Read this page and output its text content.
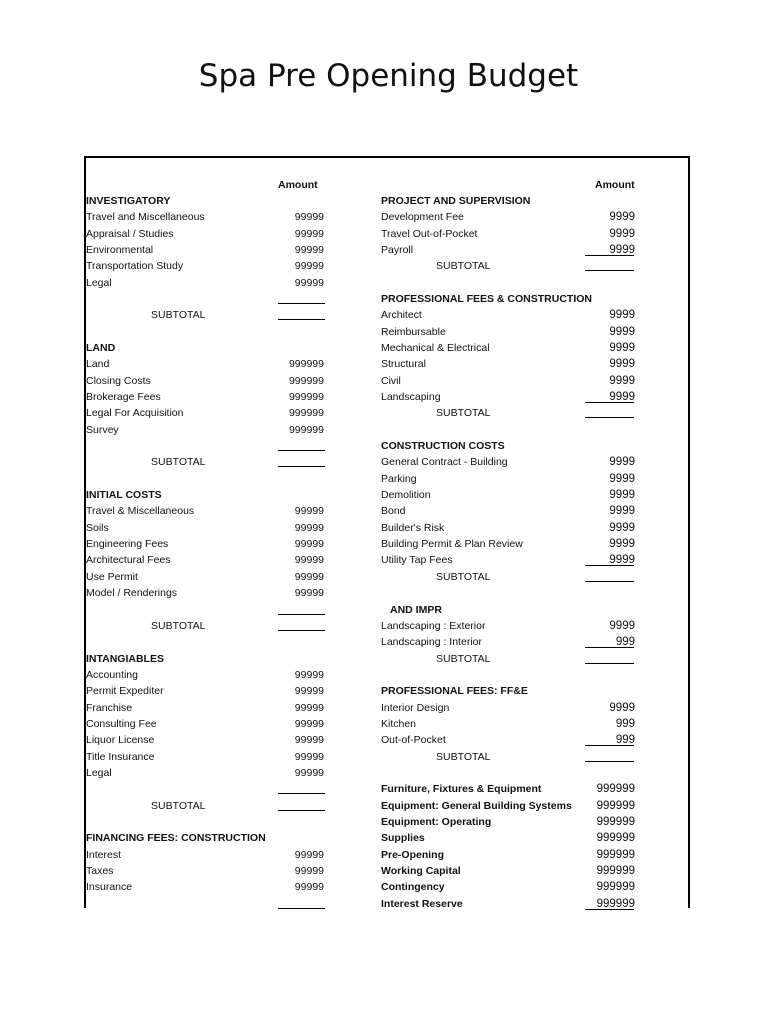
Spa Pre Opening Budget
Amount
INVESTIGATORY
Travel and Miscellaneous	99999
Appraisal / Studies	99999
Environmental	99999
Transportation Study	99999
Legal	99999
SUBTOTAL
LAND
Land	999999
Closing Costs	999999
Brokerage Fees	999999
Legal For Acquisition	999999
Survey	999999
SUBTOTAL
INITIAL COSTS
Travel & Miscellaneous	99999
Soils	99999
Engineering Fees	99999
Architectural Fees	99999
Use Permit	99999
Model / Renderings	99999
SUBTOTAL
INTANGIABLES
Accounting	99999
Permit Expediter	99999
Franchise	99999
Consulting Fee	99999
Liquor License	99999
Title Insurance	99999
Legal	99999
SUBTOTAL
FINANCING FEES: CONSTRUCTION
Interest	99999
Taxes	99999
Insurance	99999
Amount
PROJECT AND SUPERVISION
Development Fee	9999
Travel Out-of-Pocket	9999
Payroll	9999
SUBTOTAL
PROFESSIONAL FEES & CONSTRUCTION
Architect	9999
Reimbursable	9999
Mechanical & Electrical	9999
Structural	9999
Civil	9999
Landscaping	9999
SUBTOTAL
CONSTRUCTION COSTS
General Contract - Building	9999
Parking	9999
Demolition	9999
Bond	9999
Builder's Risk	9999
Building Permit & Plan Review	9999
Utility Tap Fees	9999
SUBTOTAL
AND IMPR
Landscaping : Exterior	9999
Landscaping : Interior	999
SUBTOTAL
PROFESSIONAL FEES: FF&E
Interior Design	9999
Kitchen	999
Out-of-Pocket	999
SUBTOTAL
Furniture, Fixtures & Equipment	999999
Equipment: General Building Systems 999999
Equipment: Operating	999999
Supplies	999999
Pre-Opening	999999
Working Capital	999999
Contingency	999999
Interest Reserve	999999
